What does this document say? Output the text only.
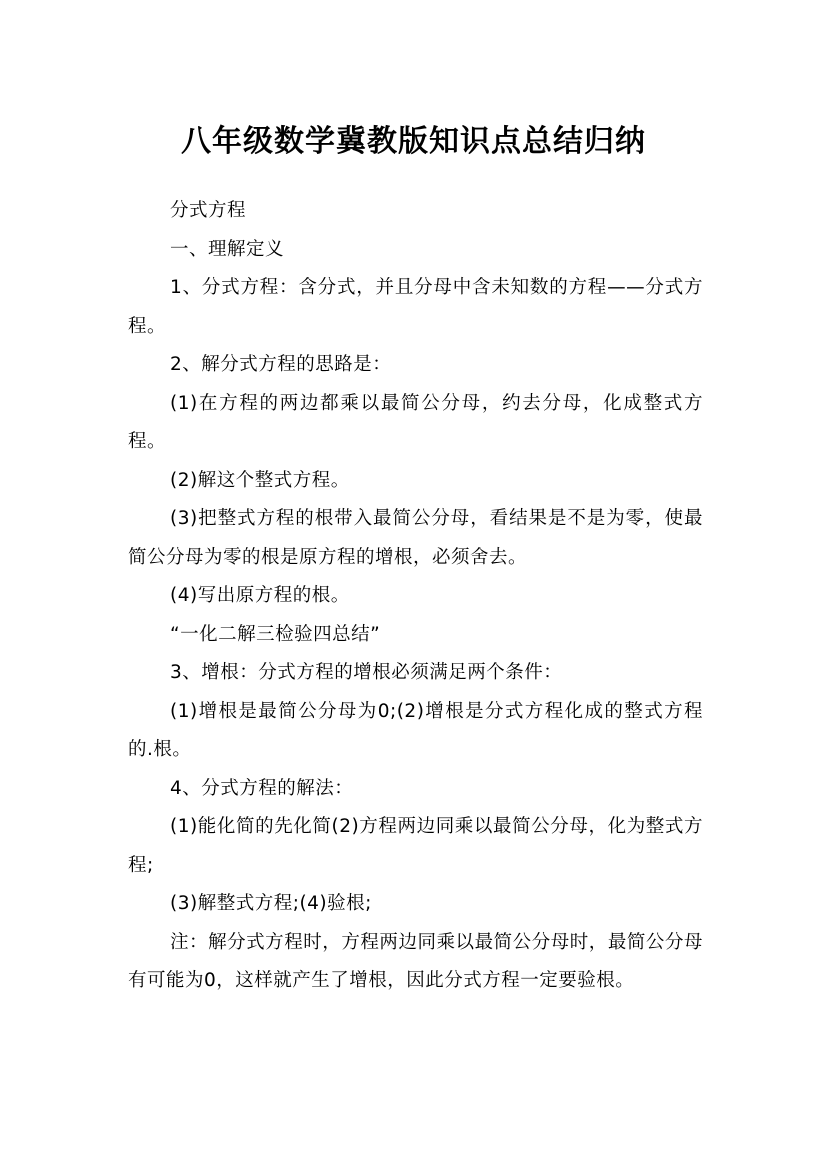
八年级数学冀教版知识点总结归纳

分式方程

一、理解定义

1、分式方程：含分式，并且分母中含未知数的方程——分式方程。

2、解分式方程的思路是：

(1)在方程的两边都乘以最简公分母，约去分母，化成整式方程。

(2)解这个整式方程。

(3)把整式方程的根带入最简公分母，看结果是不是为零，使最简公分母为零的根是原方程的增根，必须舍去。

(4)写出原方程的根。

“一化二解三检验四总结”

3、增根：分式方程的增根必须满足两个条件：

(1)增根是最简公分母为0;(2)增根是分式方程化成的整式方程的.根。

4、分式方程的解法：

(1)能化简的先化简(2)方程两边同乘以最简公分母，化为整式方程;

(3)解整式方程;(4)验根;

注：解分式方程时，方程两边同乘以最简公分母时，最简公分母有可能为0，这样就产生了增根，因此分式方程一定要验根。
